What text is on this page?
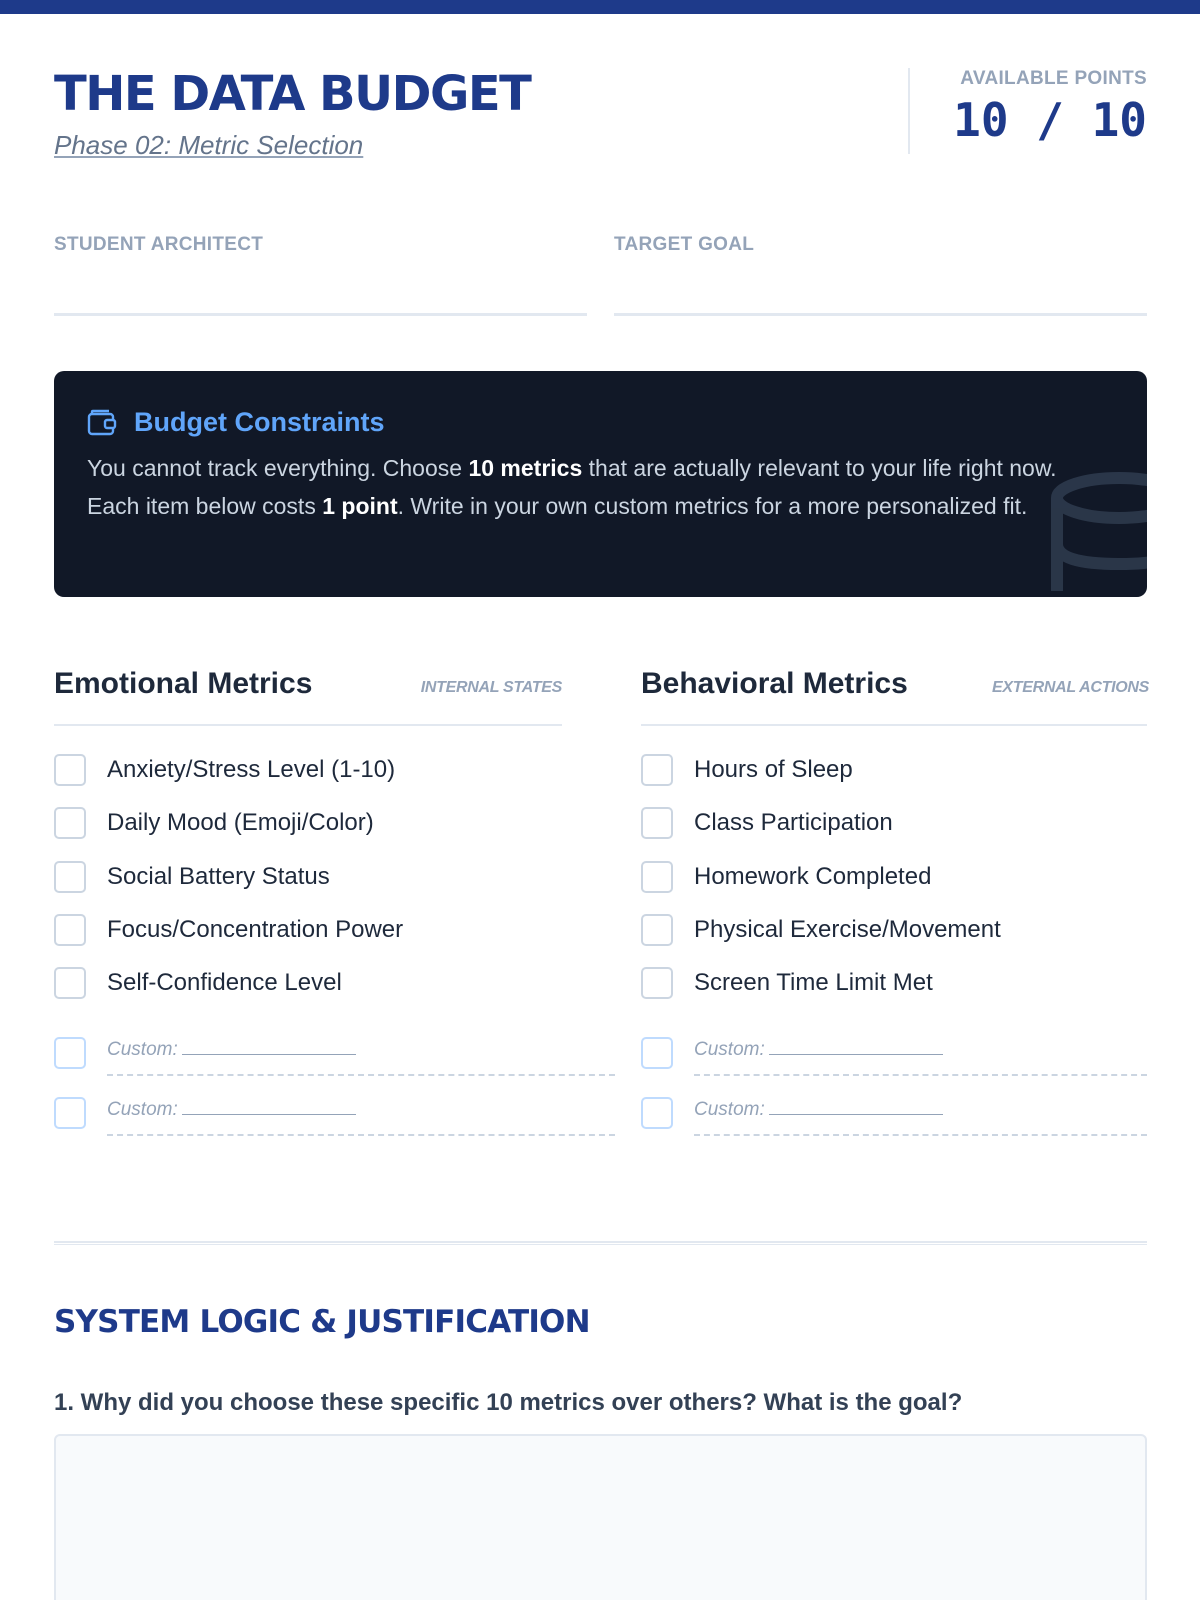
THE DATA BUDGET
Phase 02: Metric Selection
AVAILABLE POINTS
10 / 10
STUDENT ARCHITECT	TARGET GOAL
Budget Constraints
You cannot track everything. Choose 10 metrics that are actually relevant to your life right now. Each item below costs 1 point. Write in your own custom metrics for a more personalized fit.
Emotional Metrics	INTERNAL STATES
Anxiety/Stress Level (1-10)
Daily Mood (Emoji/Color)
Social Battery Status
Focus/Concentration Power
Self-Confidence Level
Custom:
Custom:
Behavioral Metrics	EXTERNAL ACTIONS
Hours of Sleep
Class Participation
Homework Completed
Physical Exercise/Movement
Screen Time Limit Met
Custom:
Custom:
SYSTEM LOGIC & JUSTIFICATION
1. Why did you choose these specific 10 metrics over others? What is the goal?
